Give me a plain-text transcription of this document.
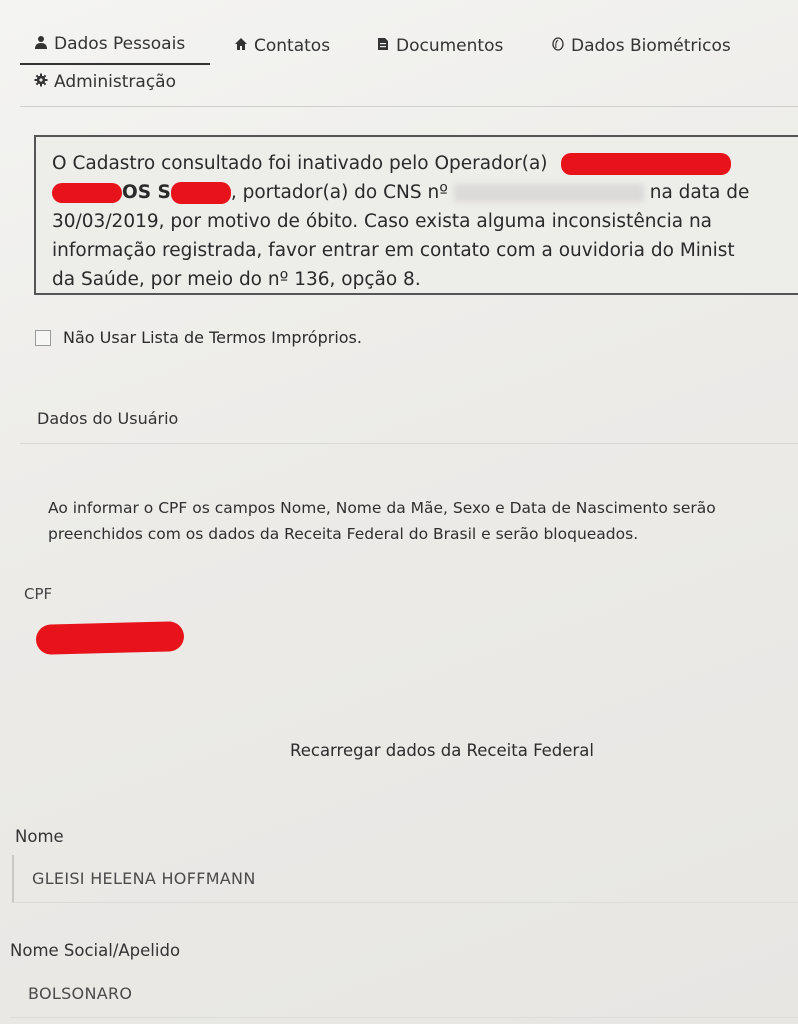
Dados Pessoais	Contatos	Documentos	Dados Biométricos
Administração

O Cadastro consultado foi inativado pelo Operador(a)

OS S	, portador(a) do CNS nº	na data de

30/03/2019, por motivo de óbito. Caso exista alguma inconsistência na

informação registrada, favor entrar em contato com a ouvidoria do Minist

da Saúde, por meio do nº 136, opção 8.

Não Usar Lista de Termos Impróprios.
Dados do Usuário
Ao informar o CPF os campos Nome, Nome da Mãe, Sexo e Data de Nascimento serão
preenchidos com os dados da Receita Federal do Brasil e serão bloqueados.
CPF
Recarregar dados da Receita Federal
Nome
GLEISI HELENA HOFFMANN
Nome Social/Apelido
BOLSONARO
